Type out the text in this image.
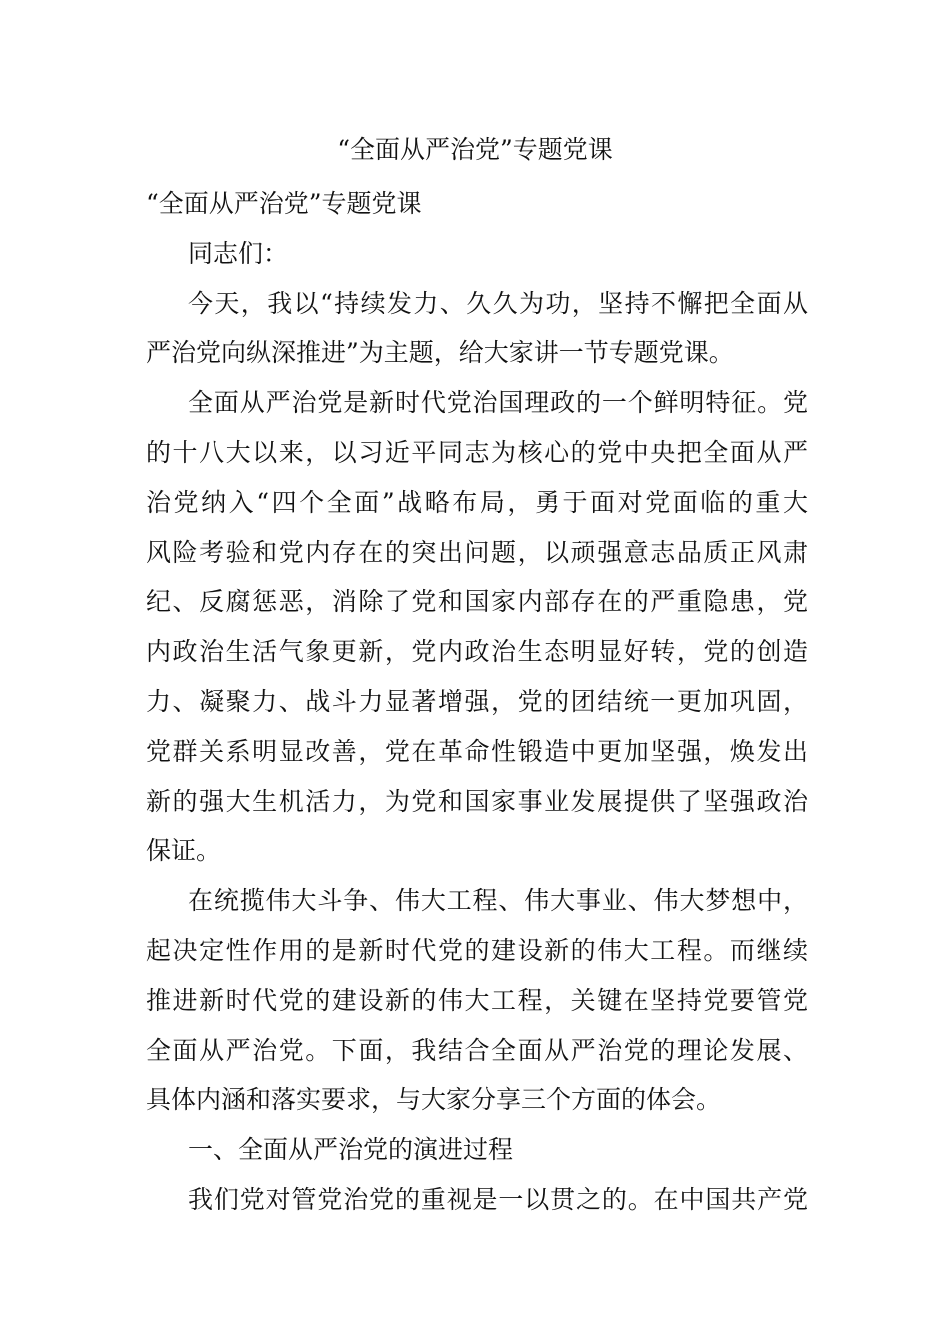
“全面从严治党”专题党课

“全面从严治党”专题党课

同志们：

今天，我以“持续发力、久久为功，坚持不懈把全面从

严治党向纵深推进”为主题，给大家讲一节专题党课。

全面从严治党是新时代党治国理政的一个鲜明特征。党

的十八大以来，以习近平同志为核心的党中央把全面从严

治党纳入“四个全面”战略布局，勇于面对党面临的重大

风险考验和党内存在的突出问题，以顽强意志品质正风肃

纪、反腐惩恶，消除了党和国家内部存在的严重隐患，党

内政治生活气象更新，党内政治生态明显好转，党的创造

力、凝聚力、战斗力显著增强，党的团结统一更加巩固，

党群关系明显改善，党在革命性锻造中更加坚强，焕发出

新的强大生机活力，为党和国家事业发展提供了坚强政治

保证。

在统揽伟大斗争、伟大工程、伟大事业、伟大梦想中，

起决定性作用的是新时代党的建设新的伟大工程。而继续

推进新时代党的建设新的伟大工程，关键在坚持党要管党

全面从严治党。下面，我结合全面从严治党的理论发展、

具体内涵和落实要求，与大家分享三个方面的体会。

一、全面从严治党的演进过程

我们党对管党治党的重视是一以贯之的。在中国共产党
